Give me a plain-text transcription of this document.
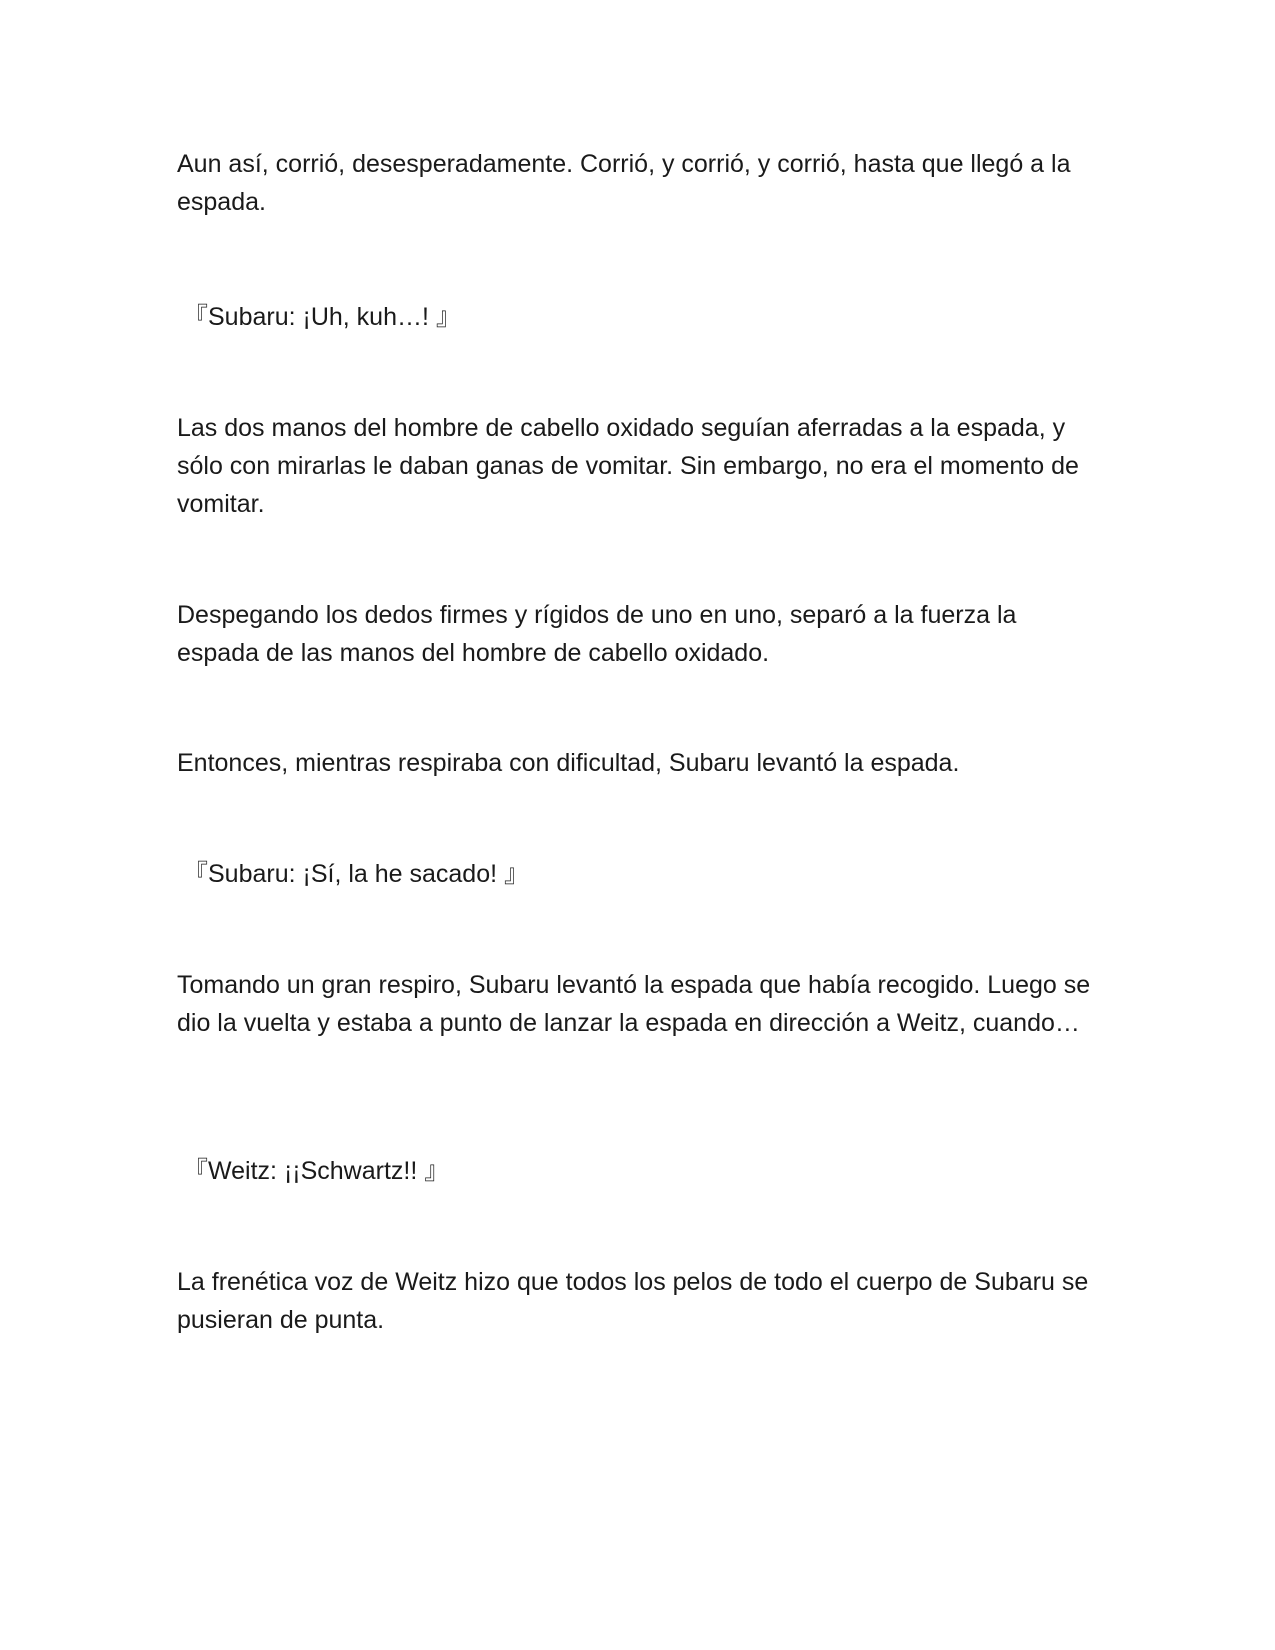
Aun así, corrió, desesperadamente. Corrió, y corrió, y corrió, hasta que llegó a la espada.

『Subaru: ¡Uh, kuh…! 』

Las dos manos del hombre de cabello oxidado seguían aferradas a la espada, y sólo con mirarlas le daban ganas de vomitar. Sin embargo, no era el momento de vomitar.

Despegando los dedos firmes y rígidos de uno en uno, separó a la fuerza la espada de las manos del hombre de cabello oxidado.

Entonces, mientras respiraba con dificultad, Subaru levantó la espada.

『Subaru: ¡Sí, la he sacado! 』

Tomando un gran respiro, Subaru levantó la espada que había recogido. Luego se dio la vuelta y estaba a punto de lanzar la espada en dirección a Weitz, cuando…

『Weitz: ¡¡Schwartz!! 』

La frenética voz de Weitz hizo que todos los pelos de todo el cuerpo de Subaru se pusieran de punta.
